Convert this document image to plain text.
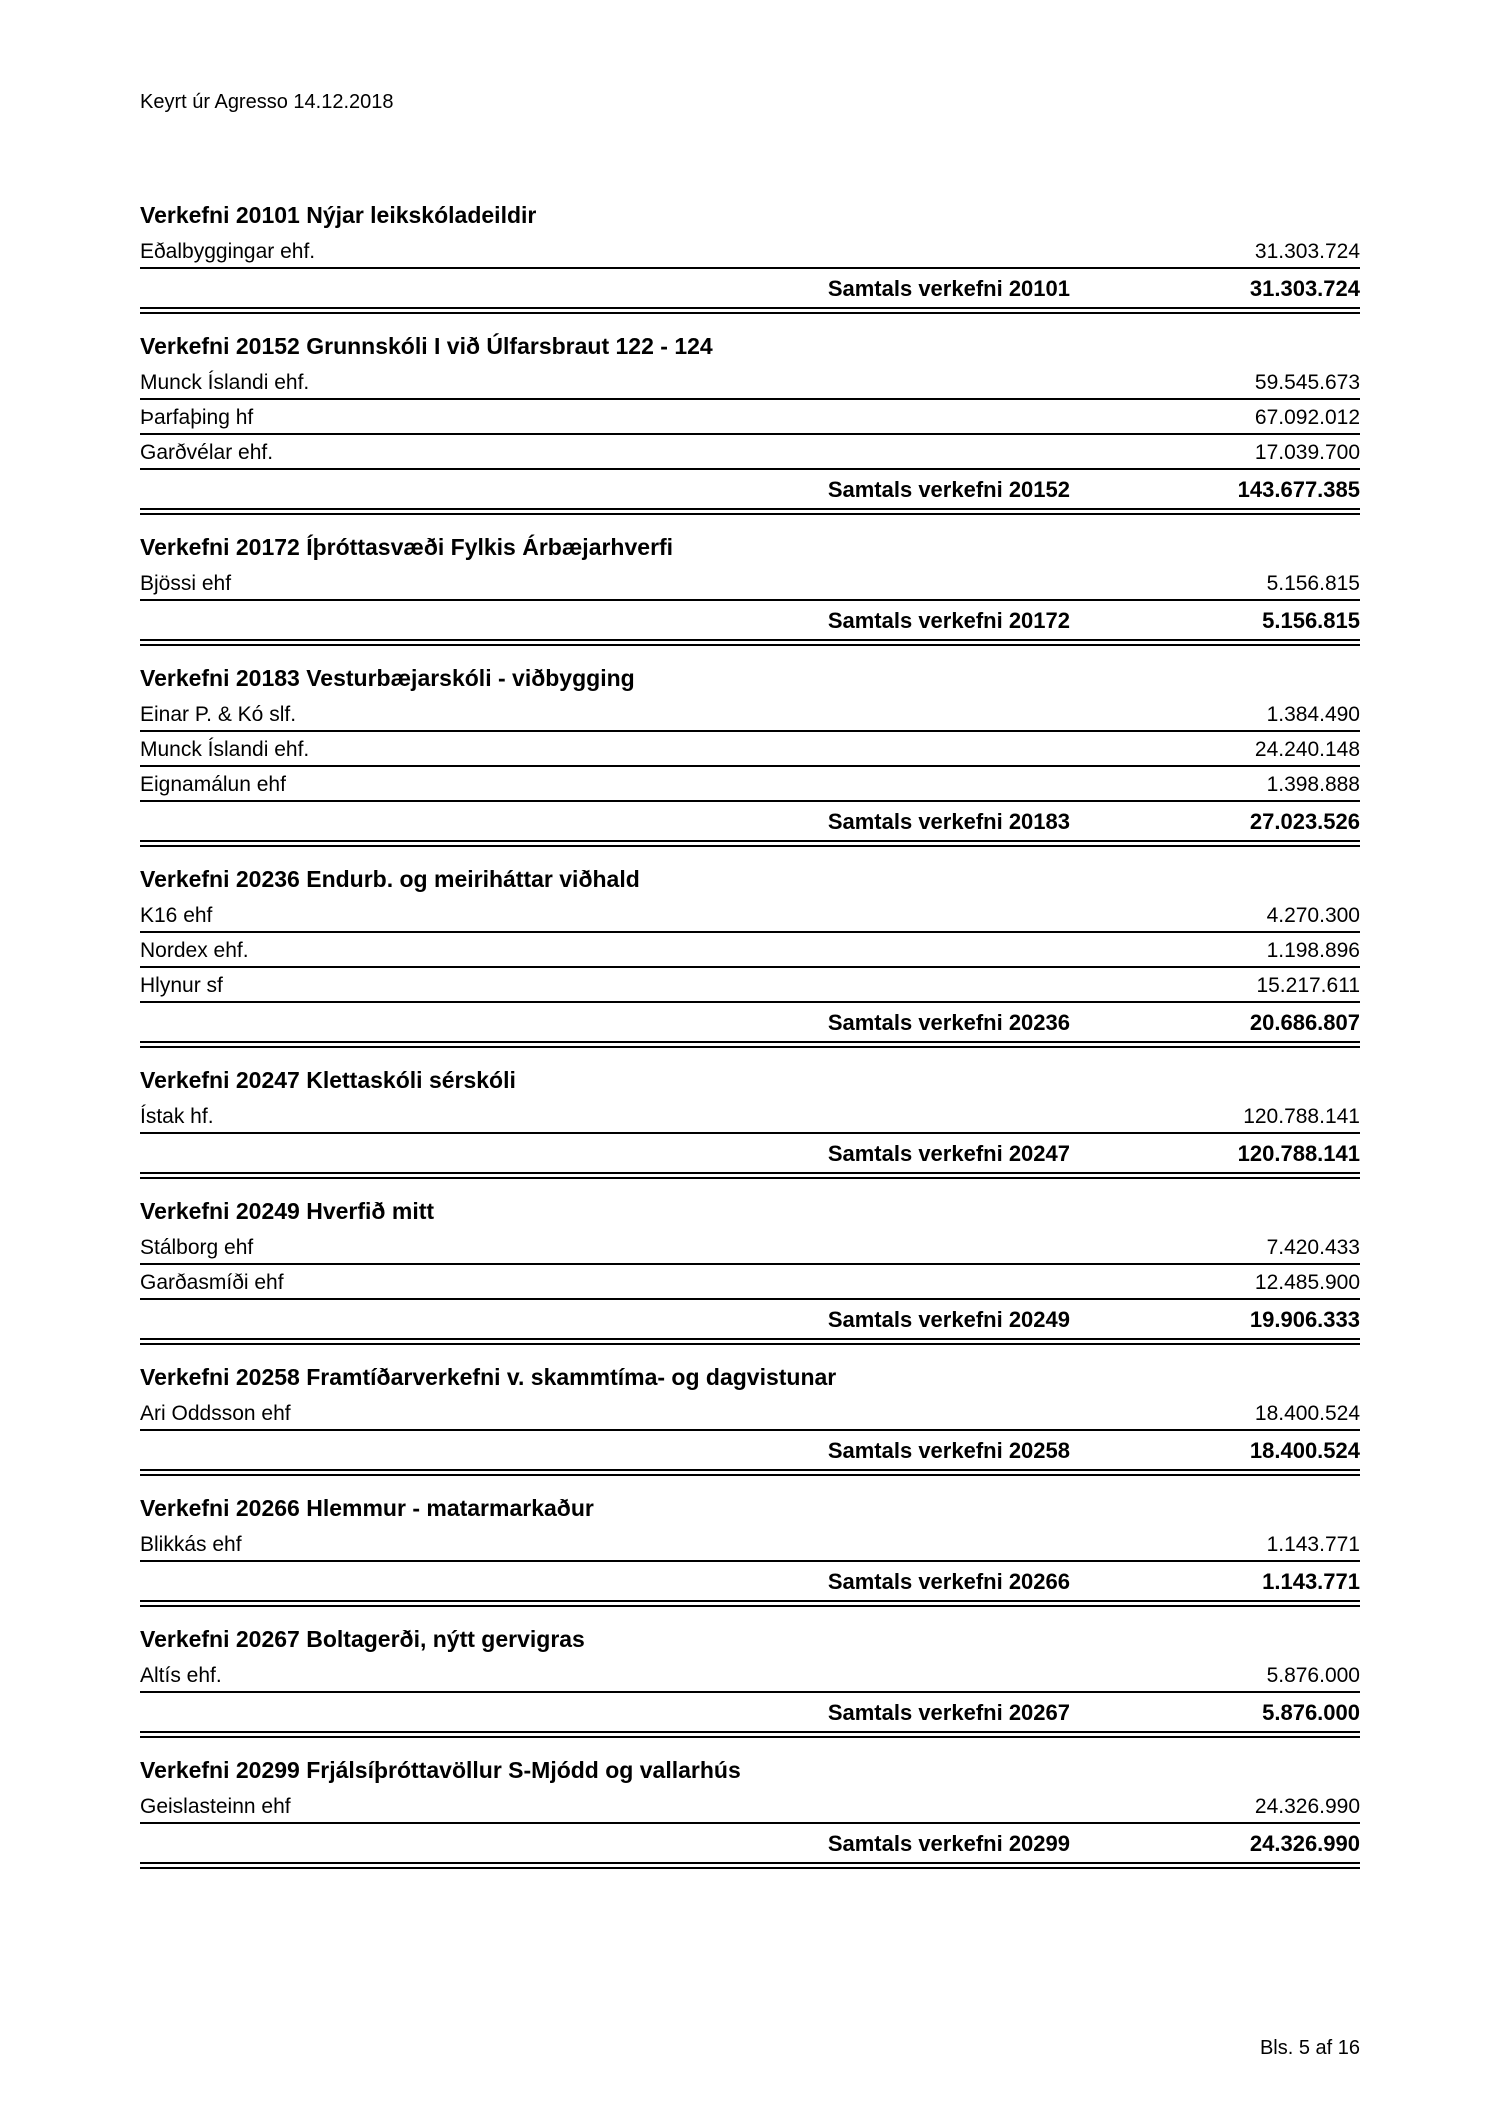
Keyrt úr Agresso 14.12.2018
Verkefni 20101 Nýjar leikskóladeildir
Eðalbyggingar ehf.	31.303.724
Samtals verkefni 20101	31.303.724
Verkefni 20152 Grunnskóli I við Úlfarsbraut 122 - 124
Munck Íslandi ehf.	59.545.673
Þarfaþing hf	67.092.012
Garðvélar ehf.	17.039.700
Samtals verkefni 20152	143.677.385
Verkefni 20172 Íþróttasvæði Fylkis Árbæjarhverfi
Bjössi ehf	5.156.815
Samtals verkefni 20172	5.156.815
Verkefni 20183 Vesturbæjarskóli - viðbygging
Einar P. & Kó slf.	1.384.490
Munck Íslandi ehf.	24.240.148
Eignamálun ehf	1.398.888
Samtals verkefni 20183	27.023.526
Verkefni 20236 Endurb. og meiriháttar viðhald
K16 ehf	4.270.300
Nordex ehf.	1.198.896
Hlynur sf	15.217.611
Samtals verkefni 20236	20.686.807
Verkefni 20247 Klettaskóli sérskóli
Ístak hf.	120.788.141
Samtals verkefni 20247	120.788.141
Verkefni 20249 Hverfið mitt
Stálborg ehf	7.420.433
Garðasmíði ehf	12.485.900
Samtals verkefni 20249	19.906.333
Verkefni 20258 Framtíðarverkefni v. skammtíma- og dagvistunar
Ari Oddsson ehf	18.400.524
Samtals verkefni 20258	18.400.524
Verkefni 20266 Hlemmur - matarmarkaður
Blikkás ehf	1.143.771
Samtals verkefni 20266	1.143.771
Verkefni 20267 Boltagerði, nýtt gervigras
Altís ehf.	5.876.000
Samtals verkefni 20267	5.876.000
Verkefni 20299 Frjálsíþróttavöllur S-Mjódd og vallarhús
Geislasteinn ehf	24.326.990
Samtals verkefni 20299	24.326.990
Bls. 5 af 16
